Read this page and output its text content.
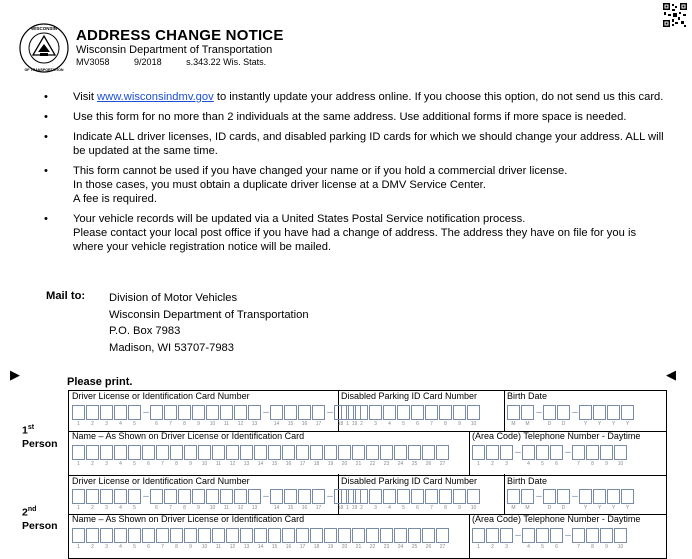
WISCONSIN
OF TRANSPORTATION
ADDRESS CHANGE NOTICE
Wisconsin Department of Transportation
MV3058	9/2018	s.343.22 Wis. Stats.
• Visit www.wisconsindmv.gov to instantly update your address online. If you choose this option, do not send us this card.

• Use this form for no more than 2 individuals at the same address. Use additional forms if more space is needed.

• Indicate ALL driver licenses, ID cards, and disabled parking ID cards for which we should change your address. ALL will be updated at the same time.

• This form cannot be used if you have changed your name or if you hold a commercial driver license.

In those cases, you must obtain a duplicate driver license at a DMV Service Center.

A fee is required.

• Your vehicle records will be updated via a United States Postal Service notification process.

Please contact your local post office if you have had a change of address. The address they have on file for you is where your vehicle registration notice will be mailed.

Mail to: Division of Motor Vehicles
Wisconsin Department of Transportation
P.O. Box 7983
Madison, WI 53707-7983
▶	◀
Please print.
1st
Person
2nd
Person
Driver License or Identification Card Number
1	2	3	4	5
–
6	7	8	9	10	11	12	13
–
14	15	16	17
–
18	19
Disabled Parking ID Card Number
1	2	3	4	5	6	7	8	9	10
Birth Date
M	M
–
D	D
–
Y	Y	Y	Y
Name – As Shown on Driver License or Identification Card
1	2	3	4	5	6	7	8	9	10	11	12	13	14	15	16	17	18	19	20	21	22	23	24	25	26	27
(Area Code) Telephone Number - Daytime
1	2	3
–
4	5	6
–
7	8	9	10
Driver License or Identification Card Number
1	2	3	4	5
–
6	7	8	9	10	11	12	13
–
14	15	16	17
–
18	19
Disabled Parking ID Card Number
1	2	3	4	5	6	7	8	9	10
Birth Date
M	M
–
D	D
–
Y	Y	Y	Y
Name – As Shown on Driver License or Identification Card
1	2	3	4	5	6	7	8	9	10	11	12	13	14	15	16	17	18	19	20	21	22	23	24	25	26	27
(Area Code) Telephone Number - Daytime
1	2	3
–
4	5	6
–
7	8	9	10
